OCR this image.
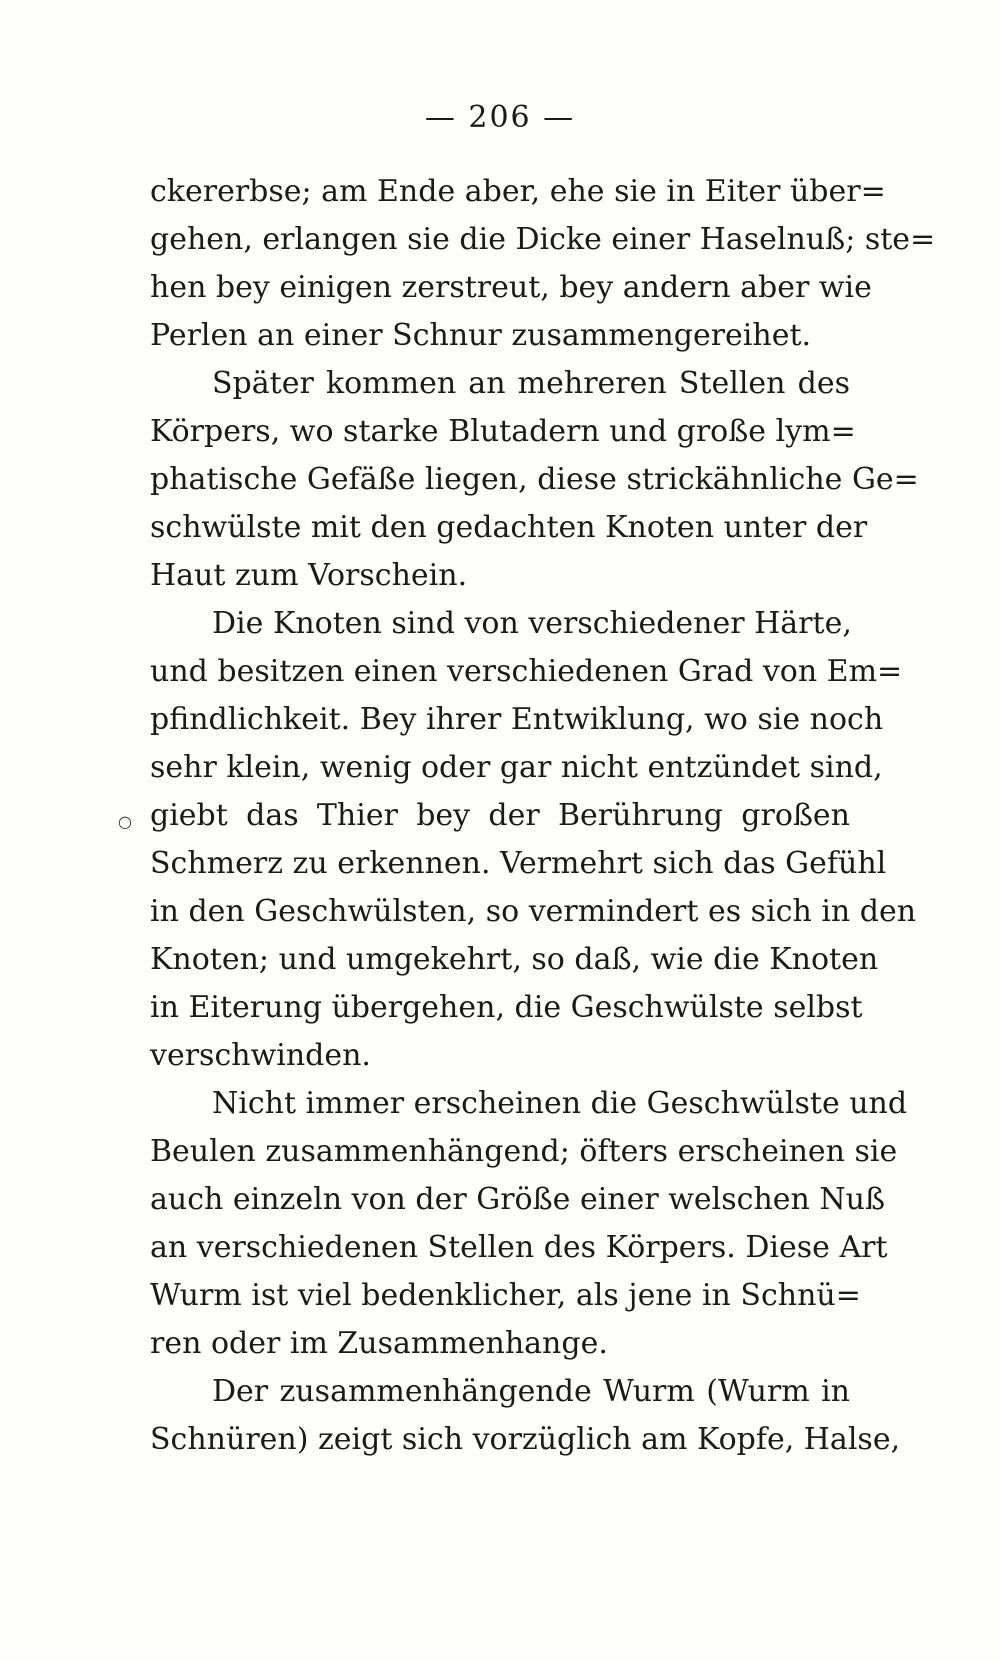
— 206 —
ckererbse; am Ende aber, ehe sie in Eiter über=
gehen, erlangen sie die Dicke einer Haselnuß; ste=
hen bey einigen zerstreut, bey andern aber wie
Perlen an einer Schnur zusammengereihet.
Später kommen an mehreren Stellen des
Körpers, wo starke Blutadern und große lym=
phatische Gefäße liegen, diese strickähnliche Ge=
schwülste mit den gedachten Knoten unter der
Haut zum Vorschein.
Die Knoten sind von verschiedener Härte,
und besitzen einen verschiedenen Grad von Em=
pfindlichkeit. Bey ihrer Entwiklung, wo sie noch
sehr klein, wenig oder gar nicht entzündet sind,
giebt das Thier bey der Berührung großen
Schmerz zu erkennen. Vermehrt sich das Gefühl
in den Geschwülsten, so vermindert es sich in den
Knoten; und umgekehrt, so daß, wie die Knoten
in Eiterung übergehen, die Geschwülste selbst
verschwinden.
Nicht immer erscheinen die Geschwülste und
Beulen zusammenhängend; öfters erscheinen sie
auch einzeln von der Größe einer welschen Nuß
an verschiedenen Stellen des Körpers. Diese Art
Wurm ist viel bedenklicher, als jene in Schnü=
ren oder im Zusammenhange.
Der zusammenhängende Wurm (Wurm in
Schnüren) zeigt sich vorzüglich am Kopfe, Halse,
○
